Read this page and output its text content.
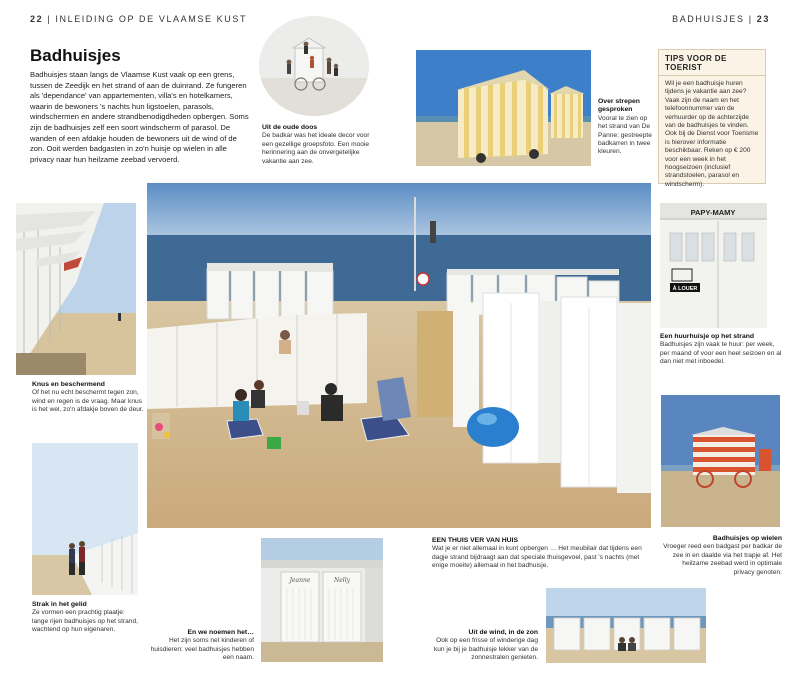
22 | INLEIDING OP DE VLAAMSE KUST	BADHUISJES | 23
Badhuisjes
Badhuisjes staan langs de Vlaamse Kust vaak op een grens, tussen de Zeedijk en het strand of aan de duinrand. Ze fungeren als 'dependance' van appartementen, villa's en hotelkamers, waarin de bewoners 's nachts hun ligstoelen, parasols, windschermen en andere strandbenodigdheden opbergen. Soms zijn de badhuisjes zelf een soort windscherm of parasol. De wanden of een afdakje houden de bewoners uit de wind of de zon. Ooit werden badgasten in zo'n huisje op wielen in alle privacy naar hun heilzame zeebad vervoerd.
Uit de oude doos
De badkar was het ideale decor voor een gezellige groepsfoto. Een mooie herinnering aan de onvergetelijke vakantie aan zee.
Over strepen gesproken
Vooral te zien op het strand van De Panne: gestreepte badkarren in twee kleuren.
TIPS VOOR DE TOERIST
Wil je een badhuisje huren tijdens je vakantie aan zee? Vaak zijn de naam en het telefoonnummer van de verhuurder op de achterzijde van de badhuisjes te vinden. Ook bij de Dienst voor Toerisme is hierover informatie beschikbaar. Reken op € 200 voor een week in het hoogseizoen (inclusief strandstoelen, parasol en windscherm).
Knus en beschermend
Of het nu echt beschermt tegen zon, wind en regen is de vraag. Maar knus is het wel, zo'n afdakje boven de deur.
Strak in het gelid
Ze vormen een prachtig plaatje: lange rijen badhuisjes op het strand, wachtend op hun eigenaren.
PAPY-MAMY
À LOUER
Een huurhuisje op het strand
Badhuisjes zijn vaak te huur: per week, per maand of voor een heel seizoen en al dan niet met inboedel.
Badhuisjes op wielen
Vroeger reed een badgast per badkar de zee in en daalde via het trapje af. Het heilzame zeebad werd in optimale privacy genoten.
EEN THUIS VER VAN HUIS
Wat je er niet allemaal in kunt opbergen … Het meubilair dat tijdens een dagje strand bijdraagt aan dat speciale thuisgevoel, past 's nachts (met enige moeite) allemaal in het badhuisje.
Jeanne	Nelly
En we noemen het…
Het zijn soms net kinderen of huisdieren: veel badhuisjes hebben een naam.
Uit de wind, in de zon
Ook op een frisse of winderige dag kun je bij je badhuisje lekker van de zonnestralen genieten.
